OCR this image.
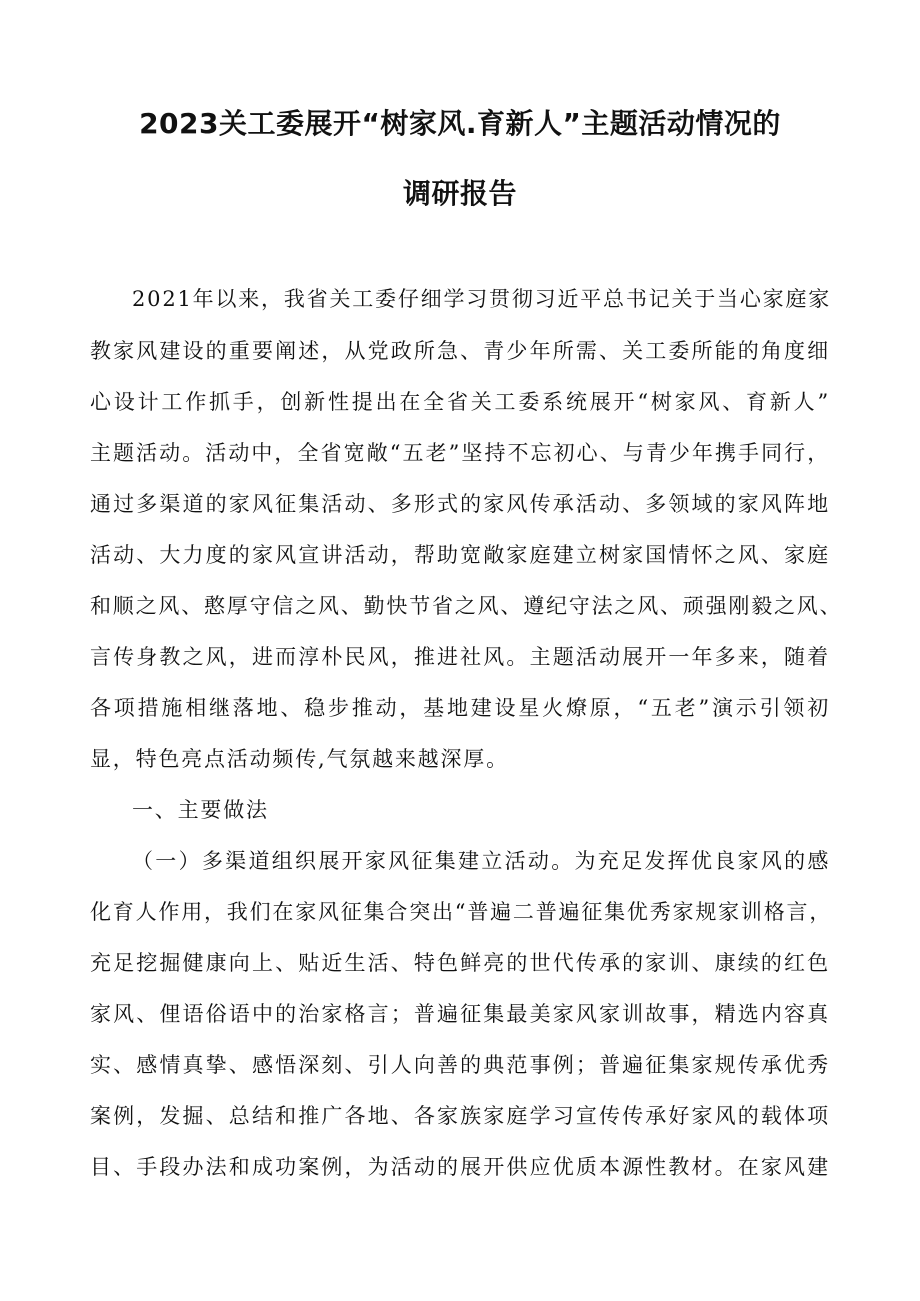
2023关工委展开“树家风.育新人”主题活动情况的
调研报告
2021年以来，我省关工委仔细学习贯彻习近平总书记关于当心家庭家
教家风建设的重要阐述，从党政所急、青少年所需、关工委所能的角度细
心设计工作抓手，创新性提出在全省关工委系统展开“树家风、育新人”
主题活动。活动中，全省宽敞“五老”坚持不忘初心、与青少年携手同行，
通过多渠道的家风征集活动、多形式的家风传承活动、多领域的家风阵地
活动、大力度的家风宣讲活动，帮助宽敞家庭建立树家国情怀之风、家庭
和顺之风、憨厚守信之风、勤快节省之风、遵纪守法之风、顽强刚毅之风、
言传身教之风，进而淳朴民风，推进社风。主题活动展开一年多来，随着
各项措施相继落地、稳步推动，基地建设星火燎原，“五老”演示引领初
显，特色亮点活动频传,气氛越来越深厚。
一、主要做法
（一）多渠道组织展开家风征集建立活动。为充足发挥优良家风的感
化育人作用，我们在家风征集合突出“普遍二普遍征集优秀家规家训格言，
充足挖掘健康向上、贴近生活、特色鲜亮的世代传承的家训、康续的红色
家风、俚语俗语中的治家格言；普遍征集最美家风家训故事，精选内容真
实、感情真挚、感悟深刻、引人向善的典范事例；普遍征集家规传承优秀
案例，发掘、总结和推广各地、各家族家庭学习宣传传承好家风的载体项
目、手段办法和成功案例，为活动的展开供应优质本源性教材。在家风建
